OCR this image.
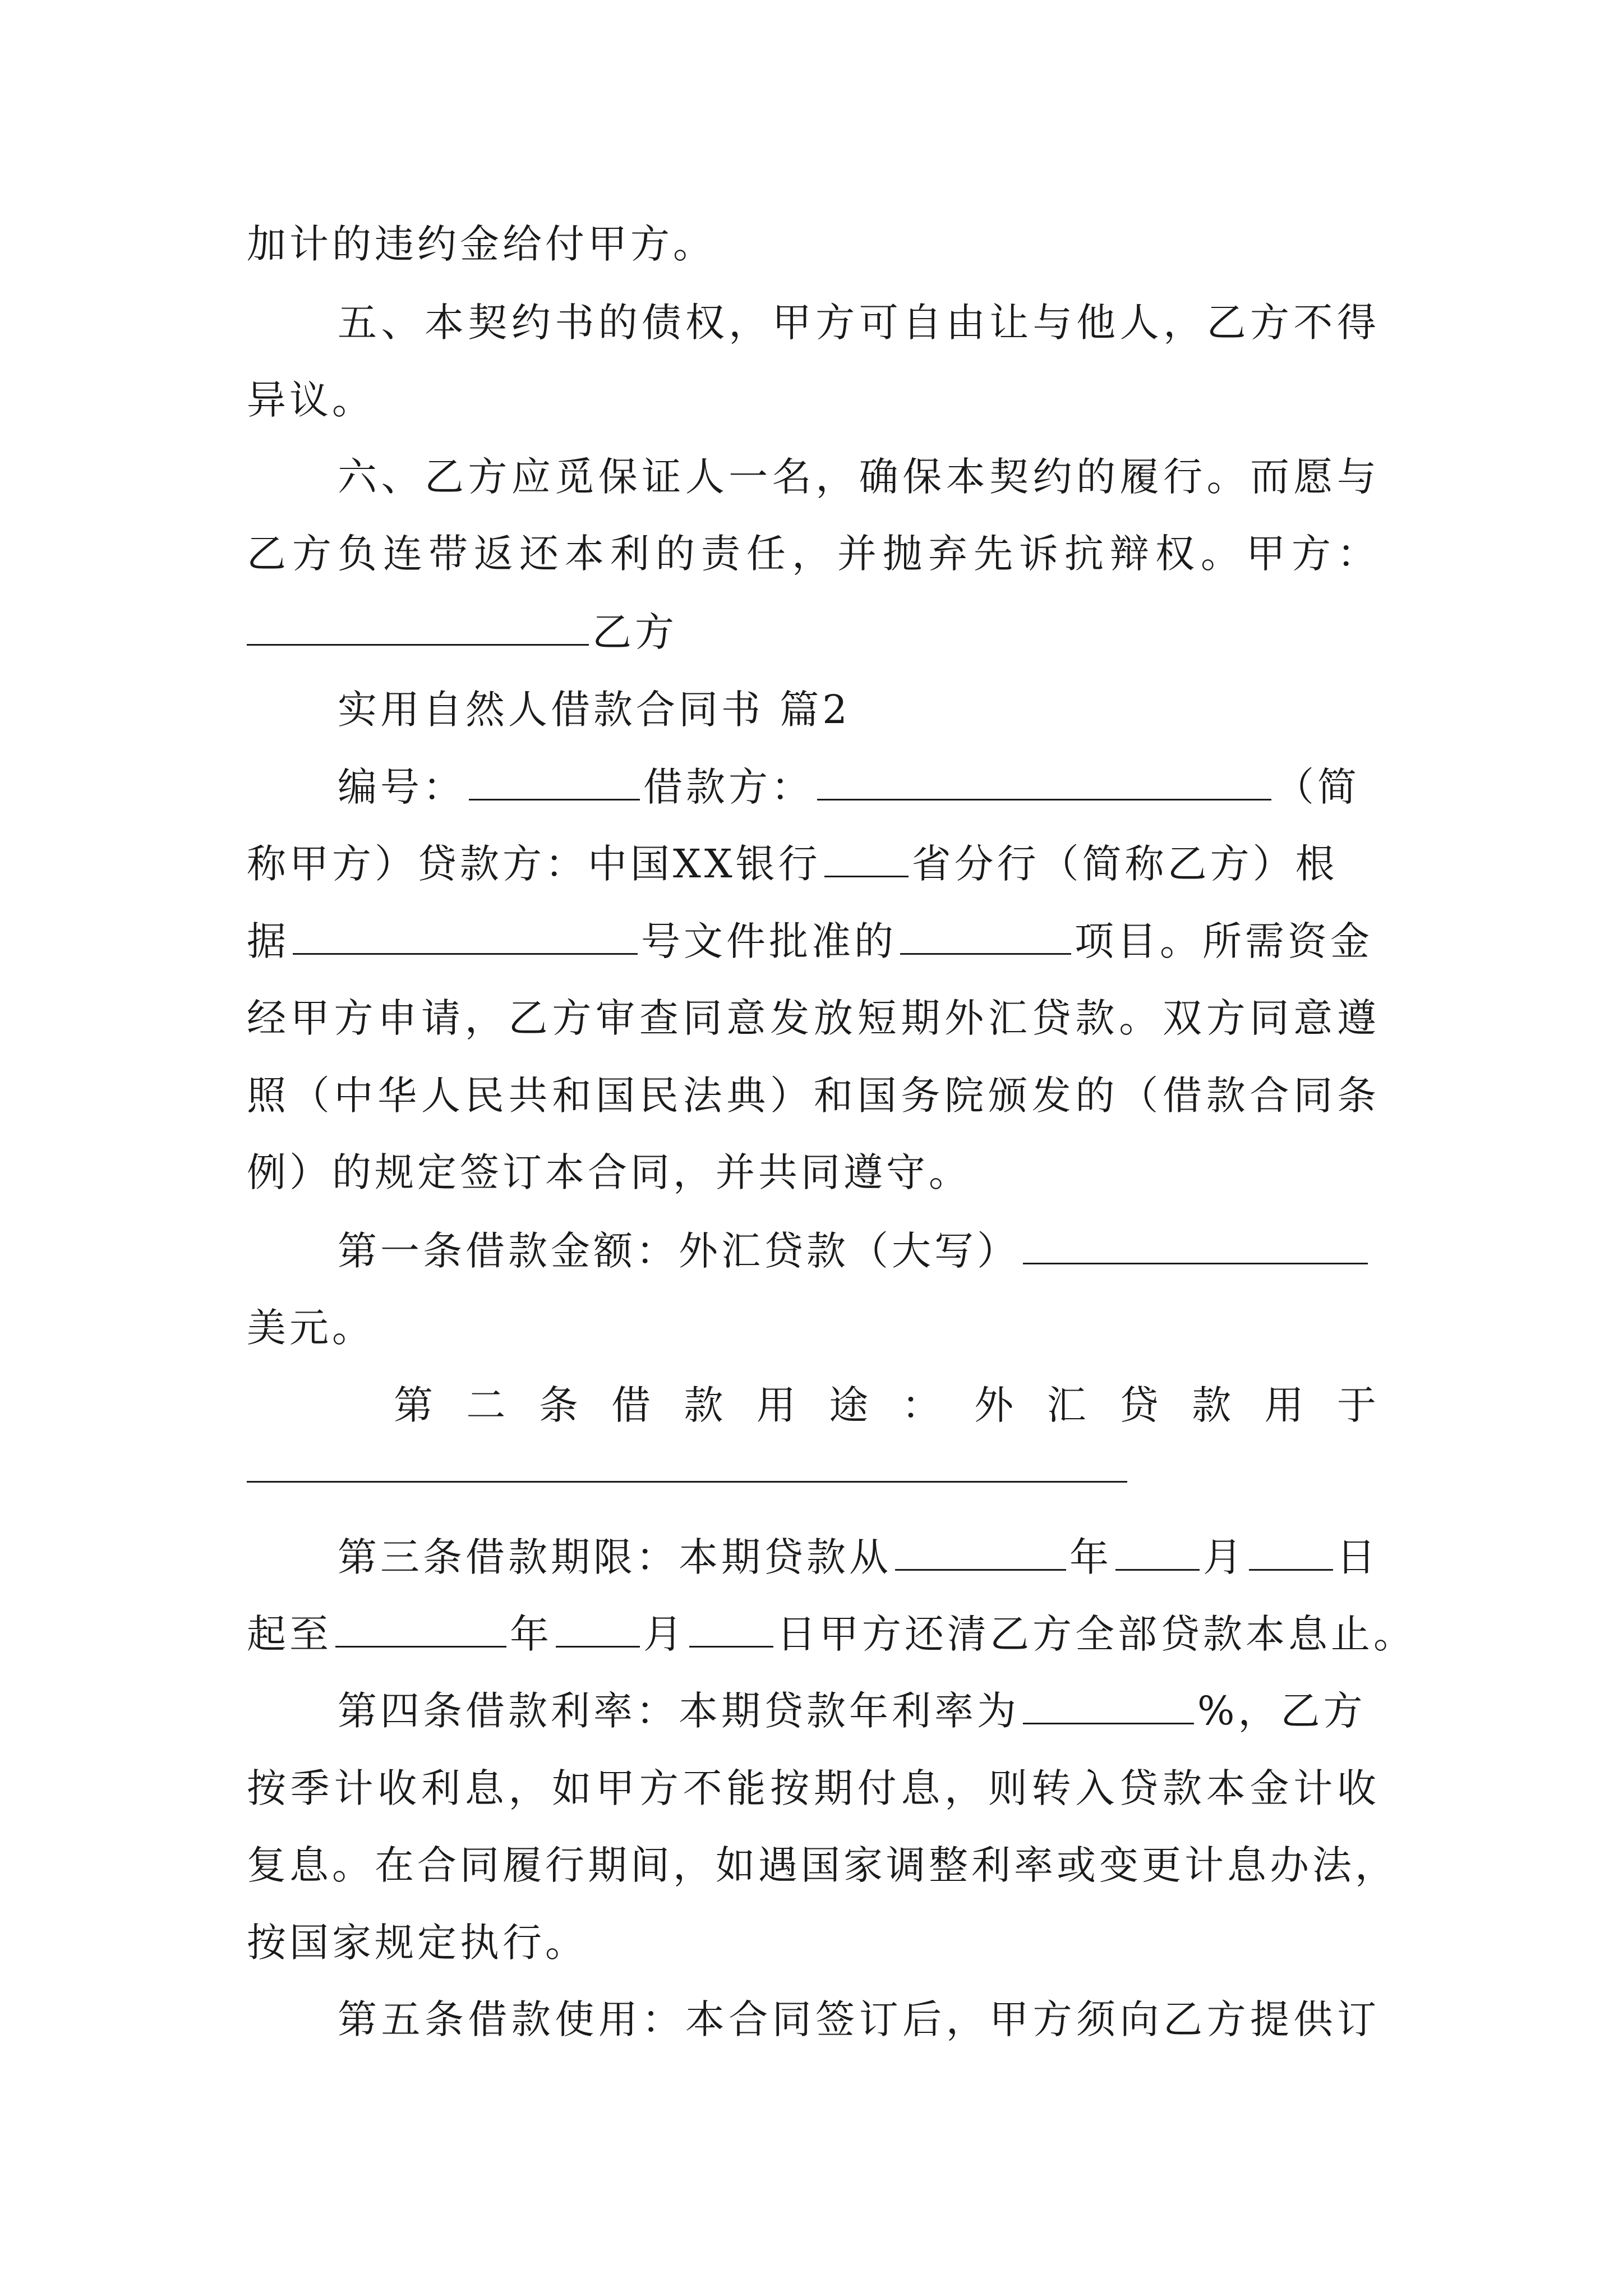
加计的违约金给付甲方。
五、本契约书的债权，甲方可自由让与他人，乙方不得
异议。
六、乙方应觅保证人一名，确保本契约的履行。而愿与
乙方负连带返还本利的责任，并抛弃先诉抗辩权。甲方：
乙方
实用自然人借款合同书 篇2
编号：	借款方：	（简
称甲方）贷款方：中国XX银行 省分行（简称乙方）根
据	号文件批准的	项目。所需资金
经甲方申请，乙方审查同意发放短期外汇贷款。双方同意遵
照（中华人民共和国民法典）和国务院颁发的（借款合同条
例）的规定签订本合同，并共同遵守。
第一条借款金额：外汇贷款（大写）
美元。
第 二 条 借 款 用 途 ： 外 汇 贷 款 用 于
第三条借款期限：本期贷款从	年 月 日
起至	年 月 日甲方还清乙方全部贷款本息止。
第四条借款利率：本期贷款年利率为	%，乙方
按季计收利息，如甲方不能按期付息，则转入贷款本金计收
复息。在合同履行期间，如遇国家调整利率或变更计息办法，
按国家规定执行。
第五条借款使用：本合同签订后，甲方须向乙方提供订
